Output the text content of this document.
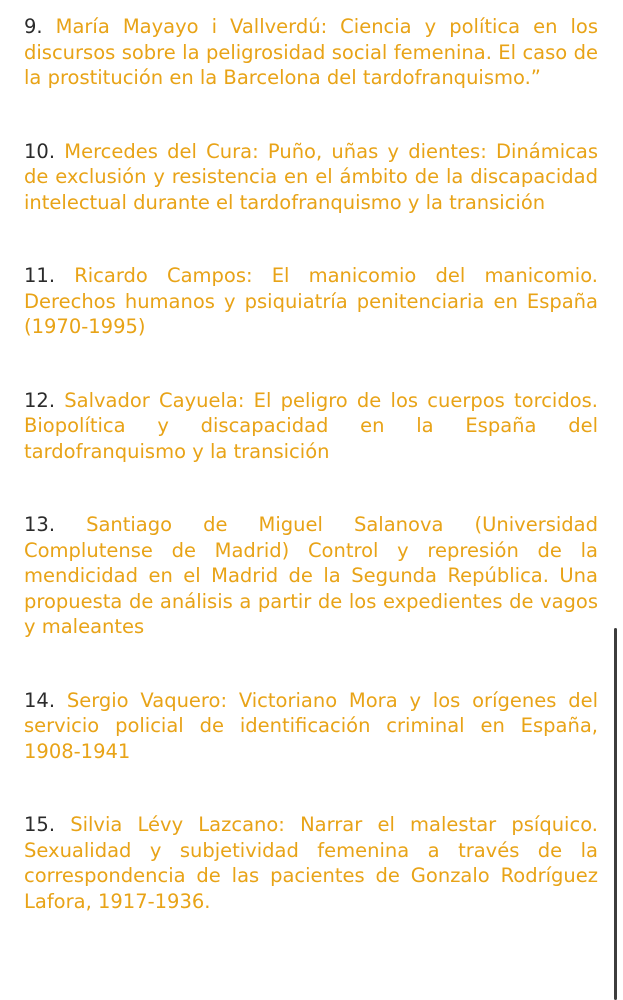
9. María Mayayo i Vallverdú: Ciencia y política en los discursos sobre la peligrosidad social femenina. El caso de la prostitución en la Barcelona del tardofranquismo.”

10. Mercedes del Cura: Puño, uñas y dientes: Dinámicas de exclusión y resistencia en el ámbito de la discapacidad intelectual durante el tardofranquismo y la transición

11. Ricardo Campos: El manicomio del manicomio. Derechos humanos y psiquiatría penitenciaria en España (1970-1995)

12. Salvador Cayuela: El peligro de los cuerpos torcidos. Biopolítica y discapacidad en la España del tardofranquismo y la transición

13. Santiago de Miguel Salanova (Universidad Complutense de Madrid) Control y represión de la mendicidad en el Madrid de la Segunda República. Una propuesta de análisis a partir de los expedientes de vagos y maleantes

14. Sergio Vaquero: Victoriano Mora y los orígenes del servicio policial de identificación criminal en España, 1908-1941

15. Silvia Lévy Lazcano: Narrar el malestar psíquico. Sexualidad y subjetividad femenina a través de la correspondencia de las pacientes de Gonzalo Rodríguez Lafora, 1917-1936.
